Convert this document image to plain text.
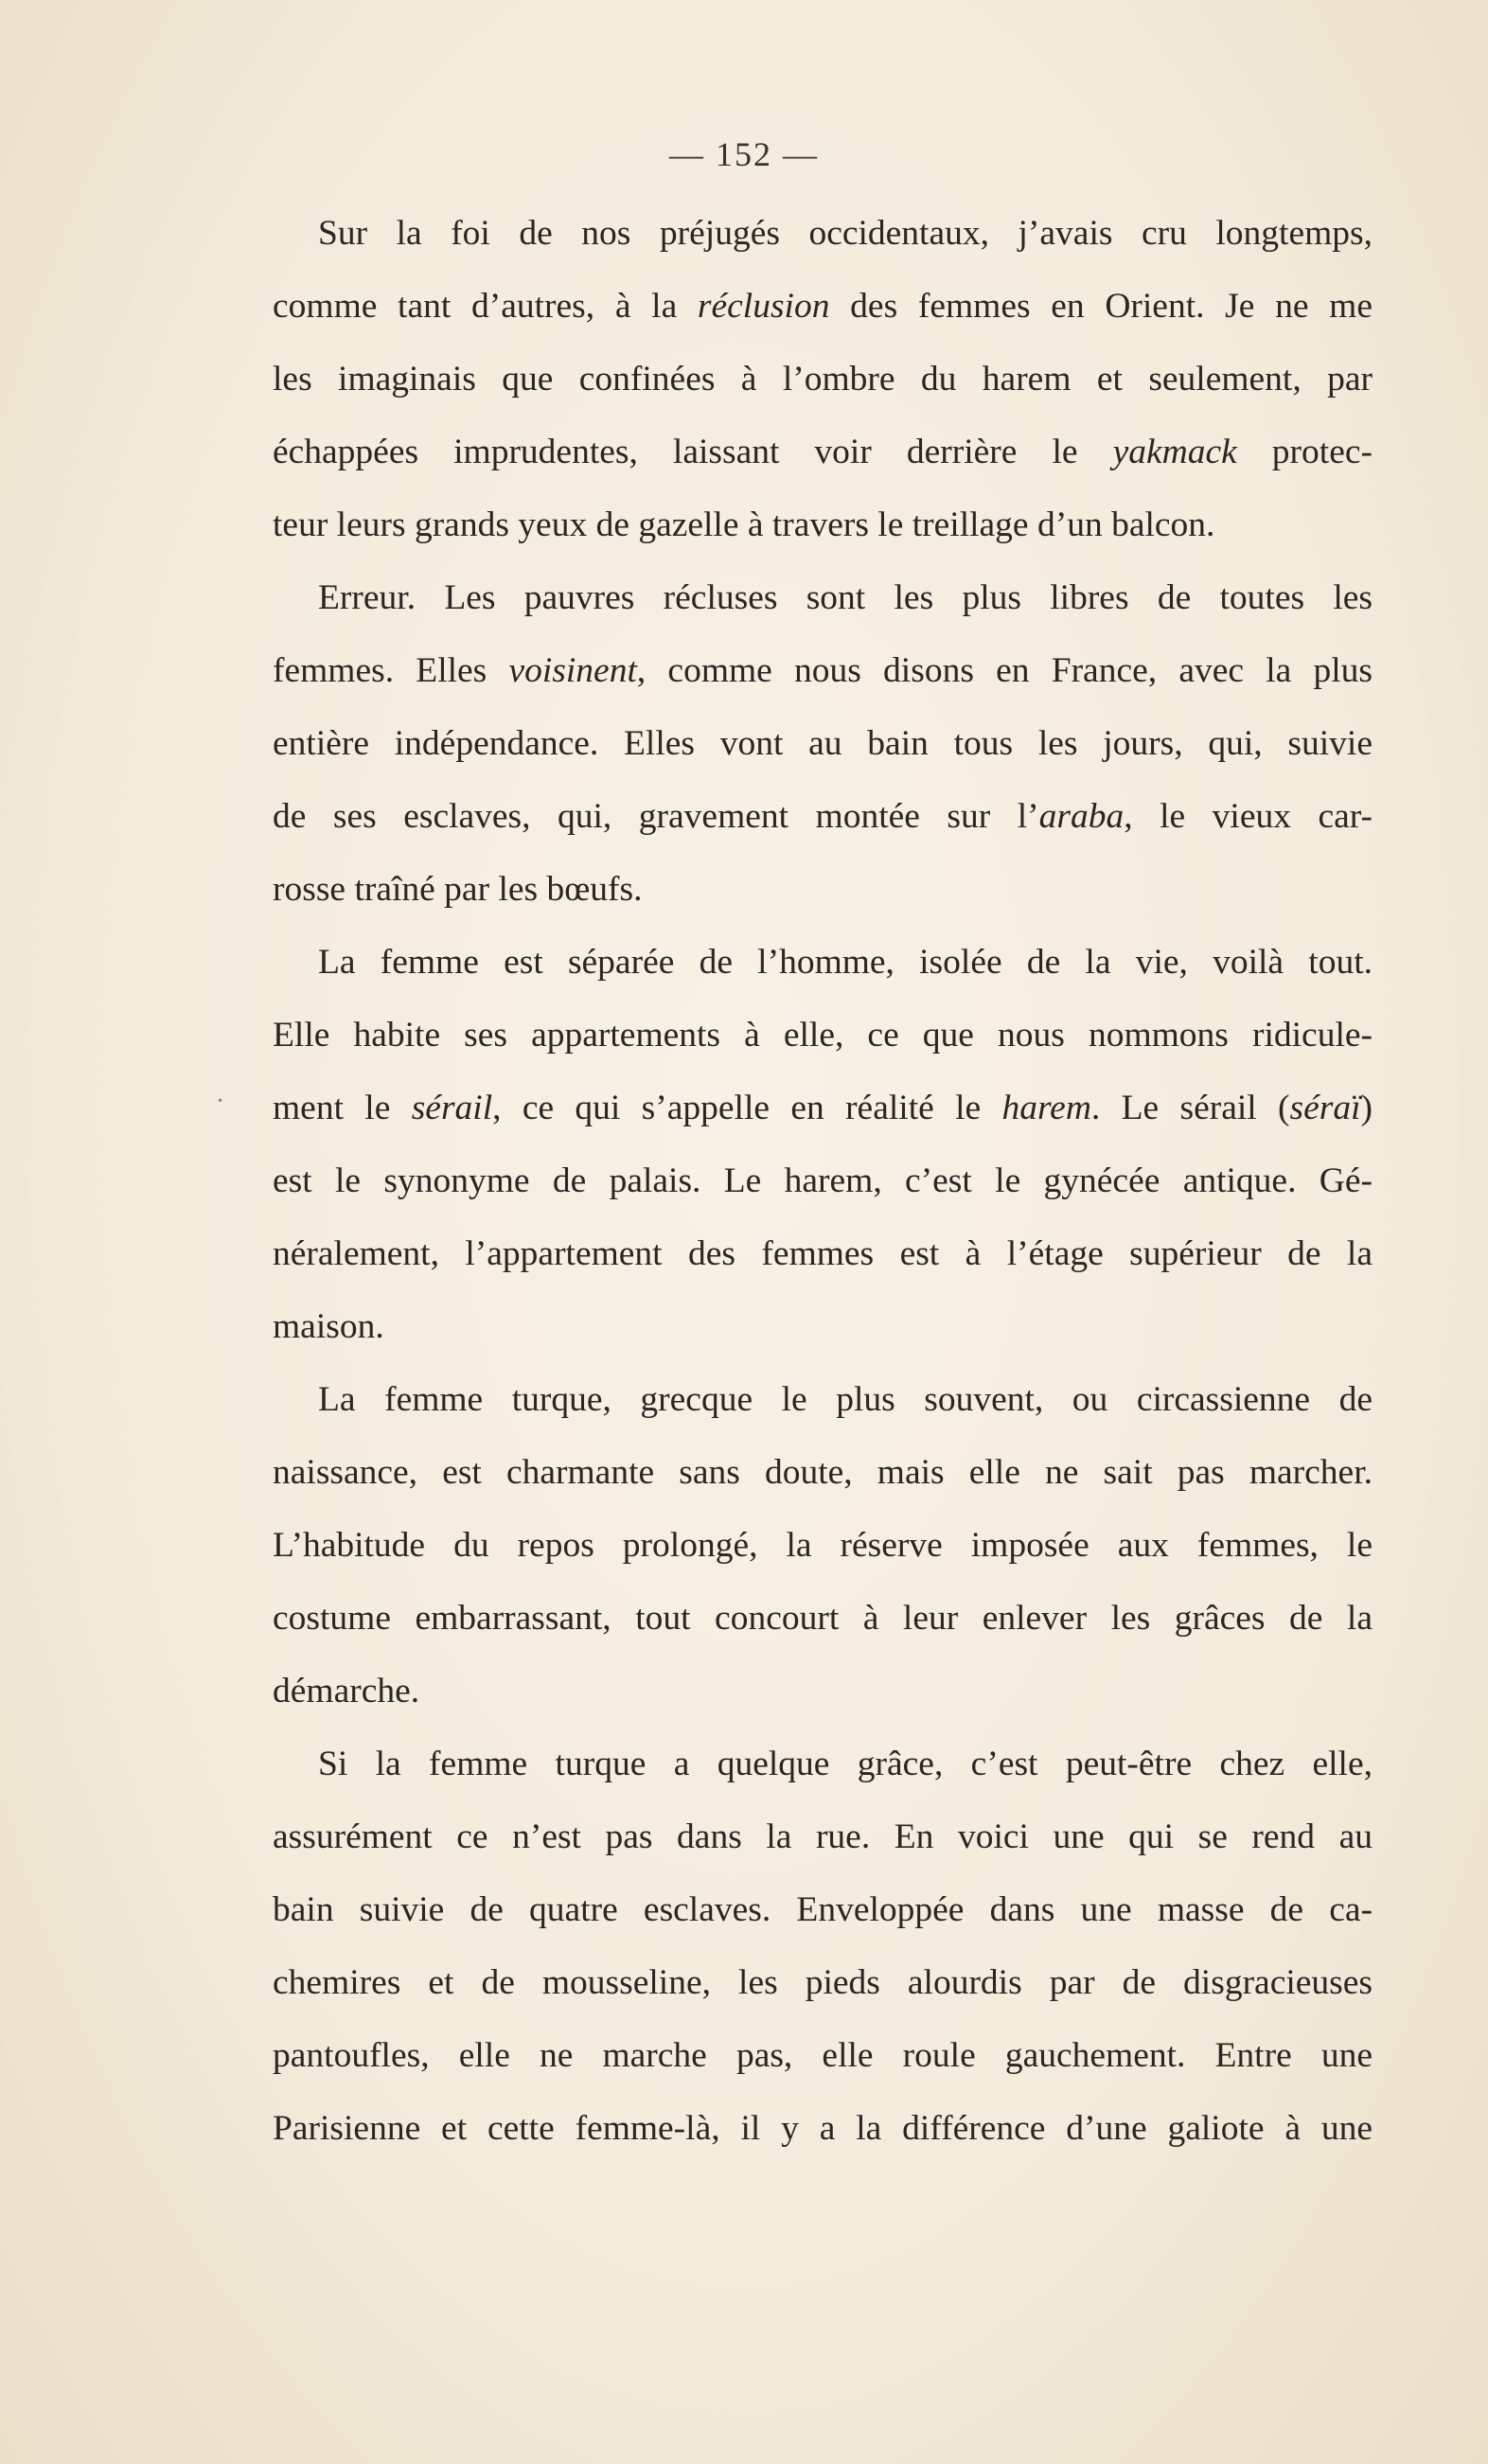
— 152 —
Sur la foi de nos préjugés occidentaux, j’avais cru longtemps,
comme tant d’autres, à la réclusion des femmes en Orient. Je ne me
les imaginais que confinées à l’ombre du harem et seulement, par
échappées imprudentes, laissant voir derrière le yakmack protec-
teur leurs grands yeux de gazelle à travers le treillage d’un balcon.
Erreur. Les pauvres récluses sont les plus libres de toutes les
femmes. Elles voisinent, comme nous disons en France, avec la plus
entière indépendance. Elles vont au bain tous les jours, qui, suivie
de ses esclaves, qui, gravement montée sur l’araba, le vieux car-
rosse traîné par les bœufs.
La femme est séparée de l’homme, isolée de la vie, voilà tout.
Elle habite ses appartements à elle, ce que nous nommons ridicule-
ment le sérail, ce qui s’appelle en réalité le harem. Le sérail (séraï)
est le synonyme de palais. Le harem, c’est le gynécée antique. Gé-
néralement, l’appartement des femmes est à l’étage supérieur de la
maison.
La femme turque, grecque le plus souvent, ou circassienne de
naissance, est charmante sans doute, mais elle ne sait pas marcher.
L’habitude du repos prolongé, la réserve imposée aux femmes, le
costume embarrassant, tout concourt à leur enlever les grâces de la
démarche.
Si la femme turque a quelque grâce, c’est peut-être chez elle,
assurément ce n’est pas dans la rue. En voici une qui se rend au
bain suivie de quatre esclaves. Enveloppée dans une masse de ca-
chemires et de mousseline, les pieds alourdis par de disgracieuses
pantoufles, elle ne marche pas, elle roule gauchement. Entre une
Parisienne et cette femme-là, il y a la différence d’une galiote à une
·
